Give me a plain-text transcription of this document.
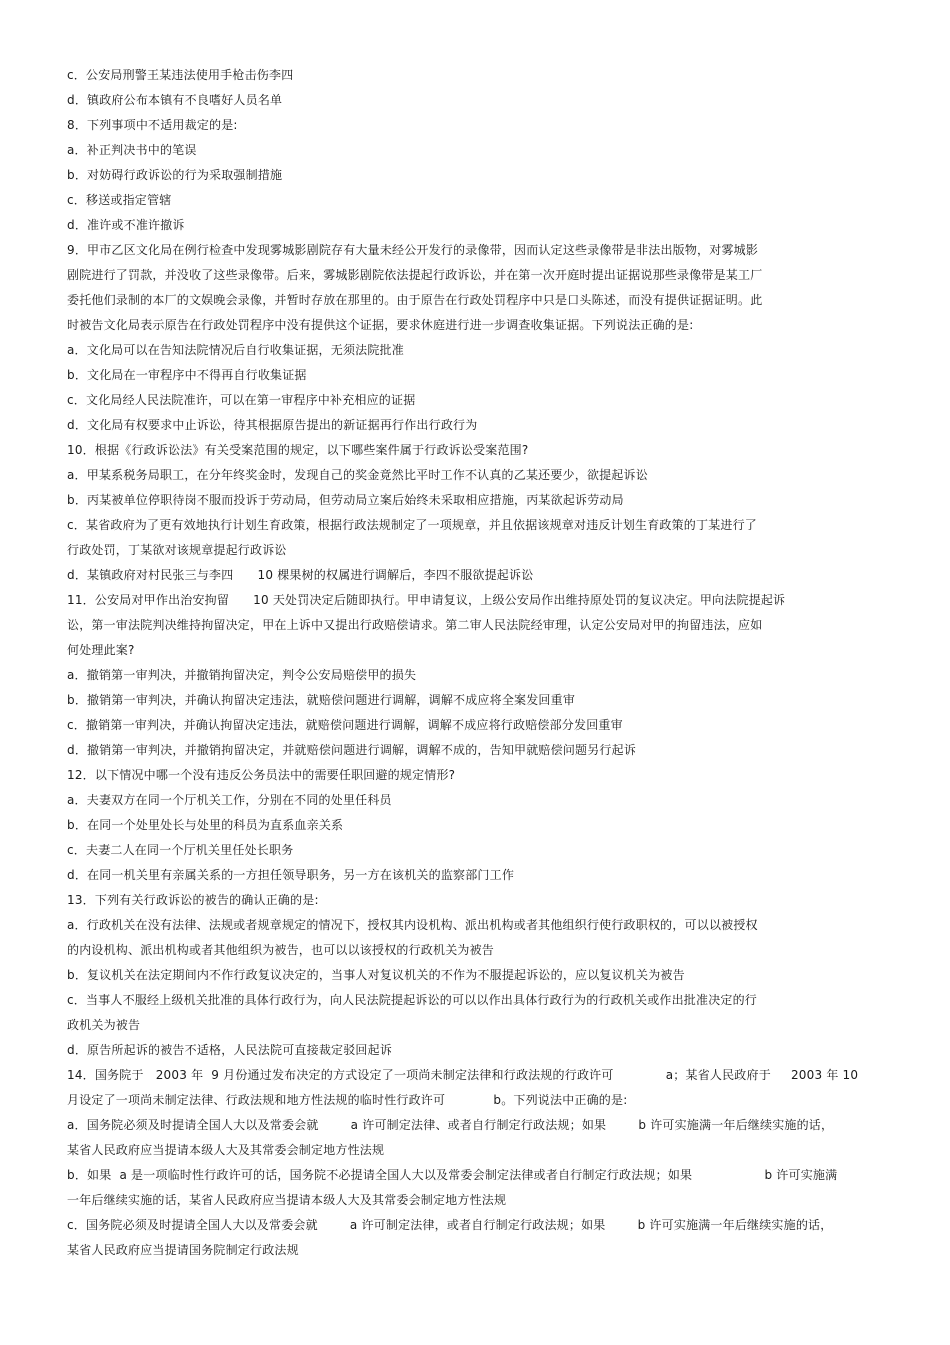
c．公安局刑警王某违法使用手枪击伤李四
d．镇政府公布本镇有不良嗜好人员名单
8．下列事项中不适用裁定的是:
a．补正判决书中的笔误
b．对妨碍行政诉讼的行为采取强制措施
c．移送或指定管辖
d．准许或不准许撤诉
9．甲市乙区文化局在例行检查中发现雾城影剧院存有大量未经公开发行的录像带，因而认定这些录像带是非法出版物，对雾城影
剧院进行了罚款，并没收了这些录像带。后来，雾城影剧院依法提起行政诉讼，并在第一次开庭时提出证据说那些录像带是某工厂
委托他们录制的本厂的文娱晚会录像，并暂时存放在那里的。由于原告在行政处罚程序中只是口头陈述，而没有提供证据证明。此
时被告文化局表示原告在行政处罚程序中没有提供这个证据，要求休庭进行进一步调查收集证据。下列说法正确的是:
a．文化局可以在告知法院情况后自行收集证据，无须法院批准
b．文化局在一审程序中不得再自行收集证据
c．文化局经人民法院准许，可以在第一审程序中补充相应的证据
d．文化局有权要求中止诉讼，待其根据原告提出的新证据再行作出行政行为
10．根据《行政诉讼法》有关受案范围的规定，以下哪些案件属于行政诉讼受案范围?
a．甲某系税务局职工，在分年终奖金时，发现自己的奖金竟然比平时工作不认真的乙某还要少，欲提起诉讼
b．丙某被单位停职待岗不服而投诉于劳动局，但劳动局立案后始终未采取相应措施，丙某欲起诉劳动局
c．某省政府为了更有效地执行计划生育政策，根据行政法规制定了一项规章，并且依据该规章对违反计划生育政策的丁某进行了
行政处罚，丁某欲对该规章提起行政诉讼
d．某镇政府对村民张三与李四      10 棵果树的权属进行调解后，李四不服欲提起诉讼
11．公安局对甲作出治安拘留      10 天处罚决定后随即执行。甲申请复议，上级公安局作出维持原处罚的复议决定。甲向法院提起诉
讼，第一审法院判决维持拘留决定，甲在上诉中又提出行政赔偿请求。第二审人民法院经审理，认定公安局对甲的拘留违法，应如
何处理此案?
a．撤销第一审判决，并撤销拘留决定，判令公安局赔偿甲的损失
b．撤销第一审判决，并确认拘留决定违法，就赔偿问题进行调解，调解不成应将全案发回重审
c．撤销第一审判决，并确认拘留决定违法，就赔偿问题进行调解，调解不成应将行政赔偿部分发回重审
d．撤销第一审判决，并撤销拘留决定，并就赔偿问题进行调解，调解不成的，告知甲就赔偿问题另行起诉
12．以下情况中哪一个没有违反公务员法中的需要任职回避的规定情形?
a．夫妻双方在同一个厅机关工作，分别在不同的处里任科员
b．在同一个处里处长与处里的科员为直系血亲关系
c．夫妻二人在同一个厅机关里任处长职务
d．在同一机关里有亲属关系的一方担任领导职务，另一方在该机关的监察部门工作
13．下列有关行政诉讼的被告的确认正确的是:
a．行政机关在没有法律、法规或者规章规定的情况下，授权其内设机构、派出机构或者其他组织行使行政职权的，可以以被授权
的内设机构、派出机构或者其他组织为被告，也可以以该授权的行政机关为被告
b．复议机关在法定期间内不作行政复议决定的，当事人对复议机关的不作为不服提起诉讼的，应以复议机关为被告
c．当事人不服经上级机关批准的具体行政行为，向人民法院提起诉讼的可以以作出具体行政行为的行政机关或作出批准决定的行
政机关为被告
d．原告所起诉的被告不适格，人民法院可直接裁定驳回起诉
14．国务院于   2003 年  9 月份通过发布决定的方式设定了一项尚未制定法律和行政法规的行政许可             a；某省人民政府于     2003 年 10
月设定了一项尚未制定法律、行政法规和地方性法规的临时性行政许可            b。下列说法中正确的是:
a．国务院必须及时提请全国人大以及常委会就        a 许可制定法律、或者自行制定行政法规；如果        b 许可实施满一年后继续实施的话，
某省人民政府应当提请本级人大及其常委会制定地方性法规
b．如果  a 是一项临时性行政许可的话，国务院不必提请全国人大以及常委会制定法律或者自行制定行政法规；如果                  b 许可实施满
一年后继续实施的话，某省人民政府应当提请本级人大及其常委会制定地方性法规
c．国务院必须及时提请全国人大以及常委会就        a 许可制定法律，或者自行制定行政法规；如果        b 许可实施满一年后继续实施的话，
某省人民政府应当提请国务院制定行政法规
